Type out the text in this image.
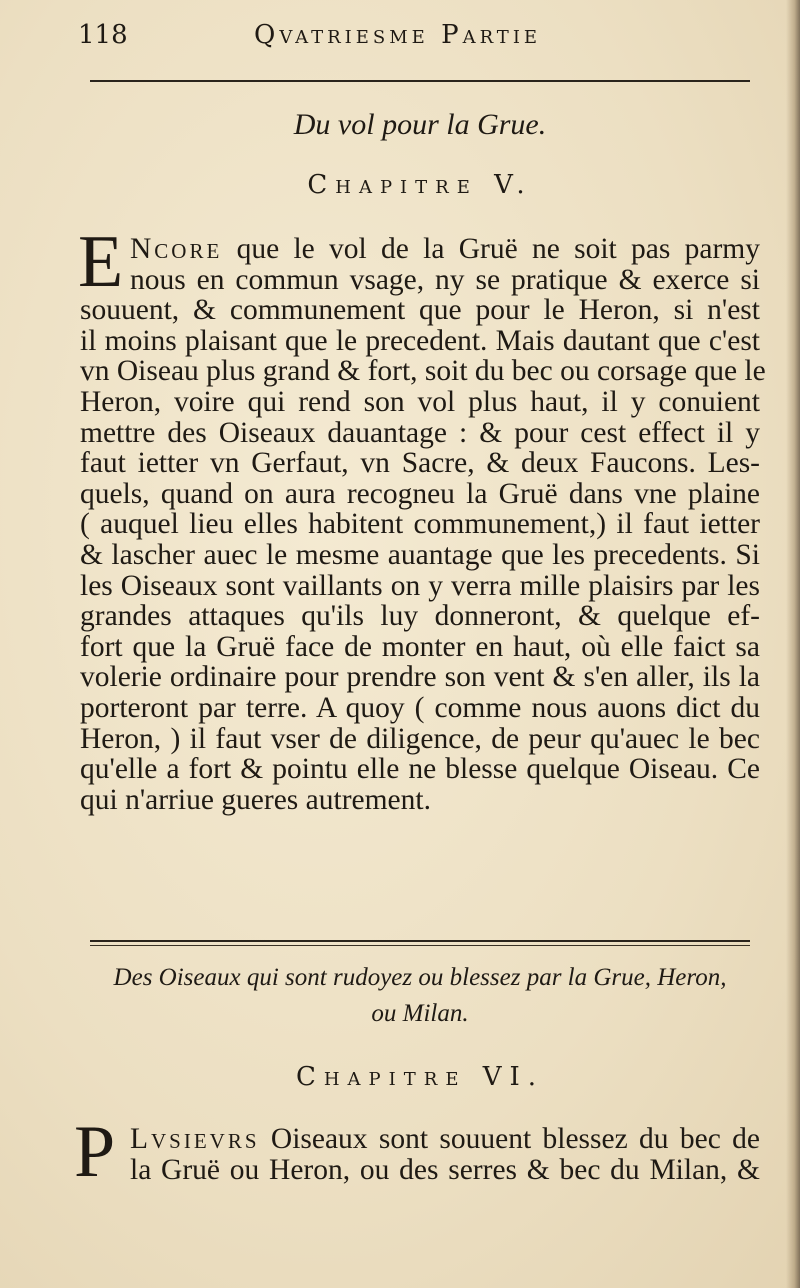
118	Qvatriesme Partie
Du vol pour la Grue.
Chapitre V.
E Ncore que le vol de la Gruë ne soit pas parmy
nous en commun vsage, ny se pratique & exerce si
souuent, & communement que pour le Heron, si n'est
il moins plaisant que le precedent. Mais dautant que c'est
vn Oiseau plus grand & fort, soit du bec ou corsage que le
Heron, voire qui rend son vol plus haut, il y conuient
mettre des Oiseaux dauantage : & pour cest effect il y
faut ietter vn Gerfaut, vn Sacre, & deux Faucons. Les-
quels, quand on aura recogneu la Gruë dans vne plaine
( auquel lieu elles habitent communement,) il faut ietter
& lascher auec le mesme auantage que les precedents. Si
les Oiseaux sont vaillants on y verra mille plaisirs par les
grandes attaques qu'ils luy donneront, & quelque ef-
fort que la Gruë face de monter en haut, où elle faict sa
volerie ordinaire pour prendre son vent & s'en aller, ils la
porteront par terre. A quoy ( comme nous auons dict du
Heron, ) il faut vser de diligence, de peur qu'auec le bec
qu'elle a fort & pointu elle ne blesse quelque Oiseau. Ce
qui n'arriue gueres autrement.
Des Oiseaux qui sont rudoyez ou blessez par la Grue, Heron,
ou Milan.
Chapitre VI.
P Lvsievrs Oiseaux sont souuent blessez du bec de
la Gruë ou Heron, ou des serres & bec du Milan, &
